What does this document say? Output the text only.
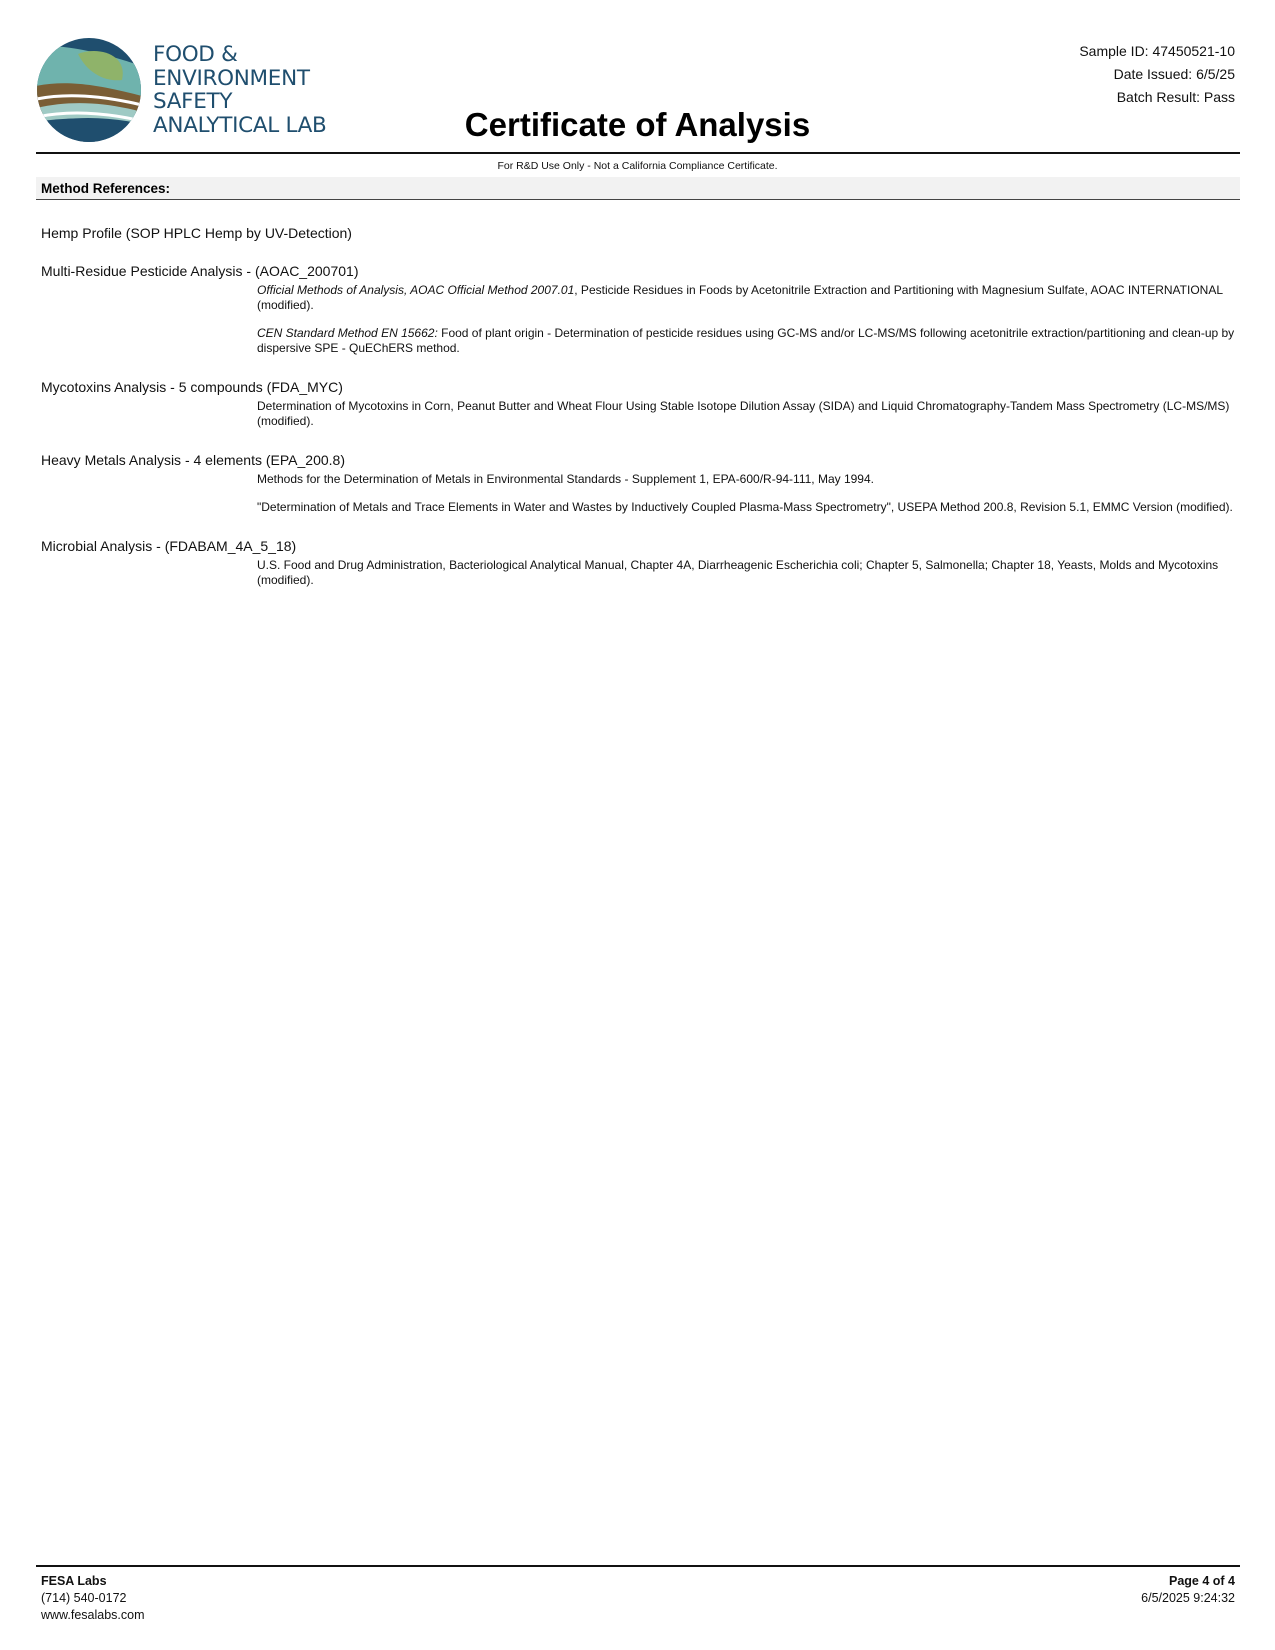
FOOD &
ENVIRONMENT
SAFETY
ANALYTICAL LAB
Sample ID: 47450521-10
Date Issued: 6/5/25
Batch Result: Pass
Certificate of Analysis
For R&D Use Only - Not a California Compliance Certificate.
Method References:
Hemp Profile (SOP HPLC Hemp by UV-Detection)
Multi-Residue Pesticide Analysis - (AOAC_200701)
Official Methods of Analysis, AOAC Official Method 2007.01, Pesticide Residues in Foods by Acetonitrile Extraction and Partitioning with Magnesium Sulfate, AOAC INTERNATIONAL (modified).
CEN Standard Method EN 15662: Food of plant origin - Determination of pesticide residues using GC-MS and/or LC-MS/MS following acetonitrile extraction/partitioning and clean-up by dispersive SPE - QuEChERS method.
Mycotoxins Analysis - 5 compounds (FDA_MYC)
Determination of Mycotoxins in Corn, Peanut Butter and Wheat Flour Using Stable Isotope Dilution Assay (SIDA) and Liquid Chromatography-Tandem Mass Spectrometry (LC-MS/MS) (modified).
Heavy Metals Analysis - 4 elements (EPA_200.8)
Methods for the Determination of Metals in Environmental Standards - Supplement 1, EPA-600/R-94-111, May 1994.
"Determination of Metals and Trace Elements in Water and Wastes by Inductively Coupled Plasma-Mass Spectrometry", USEPA Method 200.8, Revision 5.1, EMMC Version (modified).
Microbial Analysis - (FDABAM_4A_5_18)
U.S. Food and Drug Administration, Bacteriological Analytical Manual, Chapter 4A, Diarrheagenic Escherichia coli; Chapter 5, Salmonella; Chapter 18, Yeasts, Molds and Mycotoxins (modified).
FESA Labs
(714) 540-0172
www.fesalabs.com
Page 4 of 4
6/5/2025 9:24:32
